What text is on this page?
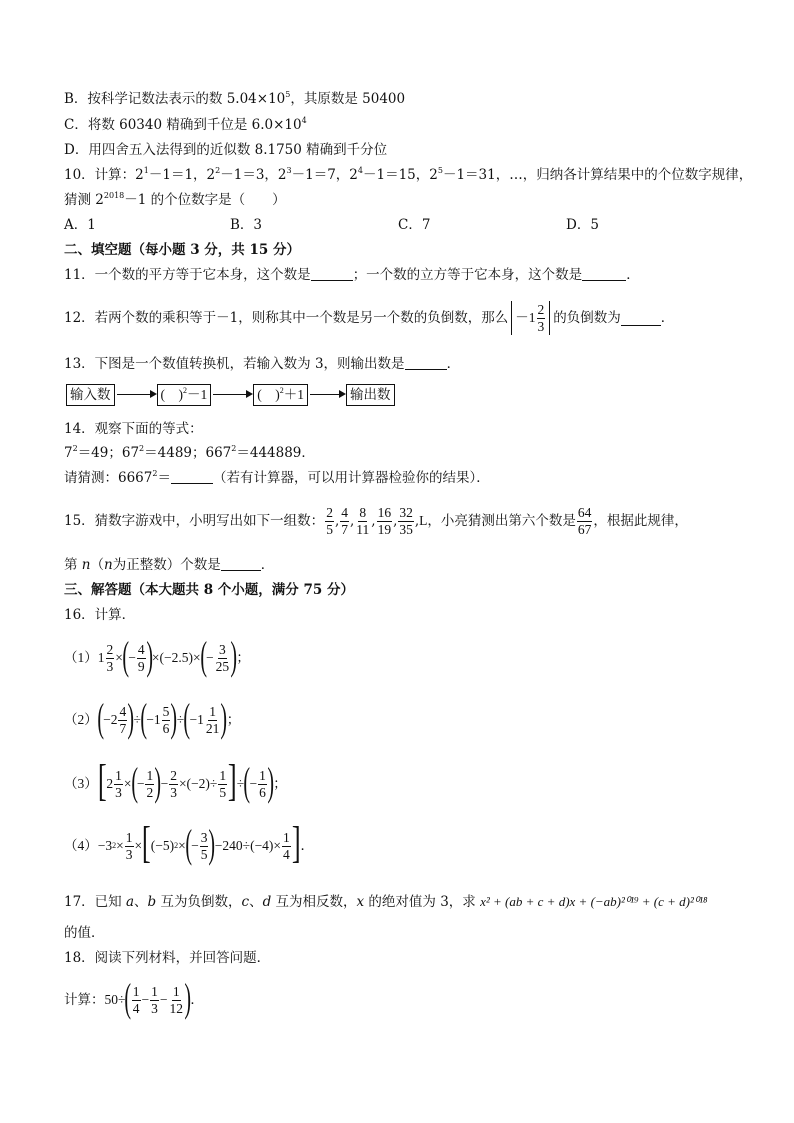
B．按科学记数法表示的数 $5.04\times 10^5$，其原数是 50400
C．将数 60340 精确到千位是 $6.0\times 10^4$
D．用四舍五入法得到的近似数 8.1750 精确到千分位
10．计算：$2^1-1=1$，$2^2-1=3$，$2^3-1=7$，$2^4-1=15$，$2^5-1=31$，…，归纳各计算结果中的个位数字规律，
猜测 $2^{2018}-1$ 的个位数字是（　　）
A．1	B．3	C．7	D．5
二、填空题（每小题 3 分，共 15 分）
11．一个数的平方等于它本身，这个数是	；一个数的立方等于它本身，这个数是	．
12．若两个数的乘积等于－1，则称其中一个数是另一个数的负倒数，那么 $-1 \frac{2}{3}$ 的负倒数为	．
13．下图是一个数值转换机，若输入数为 3，则输出数是	．
输入数	(　)$^2$－1	(　)$^2$＋1	输出数
14．观察下面的等式：
$7^2=49$；$67^2=4489$；$667^2=444889$．
请猜测：$6667^2=$	（若有计算器，可以用计算器检验你的结果）．
15．猜数字游戏中，小明写出如下一组数： $\frac{2}{5}$ , $\frac{4}{7}$ , $\frac{8}{11}$ , $\frac{16}{19}$ , $\frac{32}{35}$ , L ，小亮猜测出第六个数是 $\frac{64}{67}$ ，根据此规律，
第 n（n为正整数）个数是	．
三、解答题（本大题共 8 个小题，满分 75 分）
16．计算．
（1） $1 \frac{2}{3}$ × ( − $\frac{4}{9}$ ) ×(−2.5)× ( − $\frac{3}{25}$ ) ；
（2） ( $-2 \frac{4}{7}$ ) ÷ ( $-1 \frac{5}{6}$ ) ÷ ( $-1 \frac{1}{21}$ ) ；
（3） [ $2 \frac{1}{3}$ × ( − $\frac{1}{2}$ ) − $\frac{2}{3} \times(-2)\div \frac{1}{5}$ ] ÷ ( − $\frac{1}{6}$ ) ；
（4） −3 $2 \times \frac{1}{3}$ × [ (−5) 2 × ( − $\frac{3}{5}$ ) $-240\div(-4)\times \frac{1}{4}$ ] ．
17．已知 a、b 互为负倒数，c、d 互为相反数，x 的绝对值为 3，求 x² + (ab + c + d)x + (−ab)²⁰¹⁹ + (c + d)²⁰¹⁸
的值．
18．阅读下列材料，并回答问题．
计算： 50÷ ( $\frac{1}{4} - \frac{1}{3} - \frac{1}{12}$ ) ．
